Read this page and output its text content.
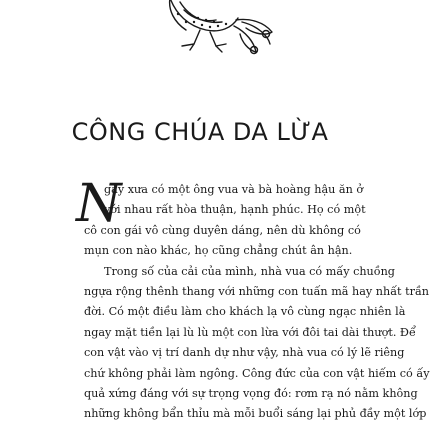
CÔNG CHÚA DA LỪA
N
gày xưa có một ông vua và bà hoàng hậu ăn ở
với nhau rất hòa thuận, hạnh phúc. Họ có một
cô con gái vô cùng duyên dáng, nên dù không có
mụn con nào khác, họ cũng chẳng chút ân hận.
Trong số của cải của mình, nhà vua có mấy chuồng
ngựa rộng thênh thang với những con tuấn mã hay nhất trần
đời. Có một điều làm cho khách lạ vô cùng ngạc nhiên là
ngay mặt tiền lại lù lù một con lừa với đôi tai dài thượt. Để
con vật vào vị trí danh dự như vậy, nhà vua có lý lẽ riêng
chứ không phải làm ngông. Công đức của con vật hiếm có ấy
quả xứng đáng với sự trọng vọng đó: rơm rạ nó nằm không
những không bẩn thỉu mà mỗi buổi sáng lại phủ đầy một lớp
